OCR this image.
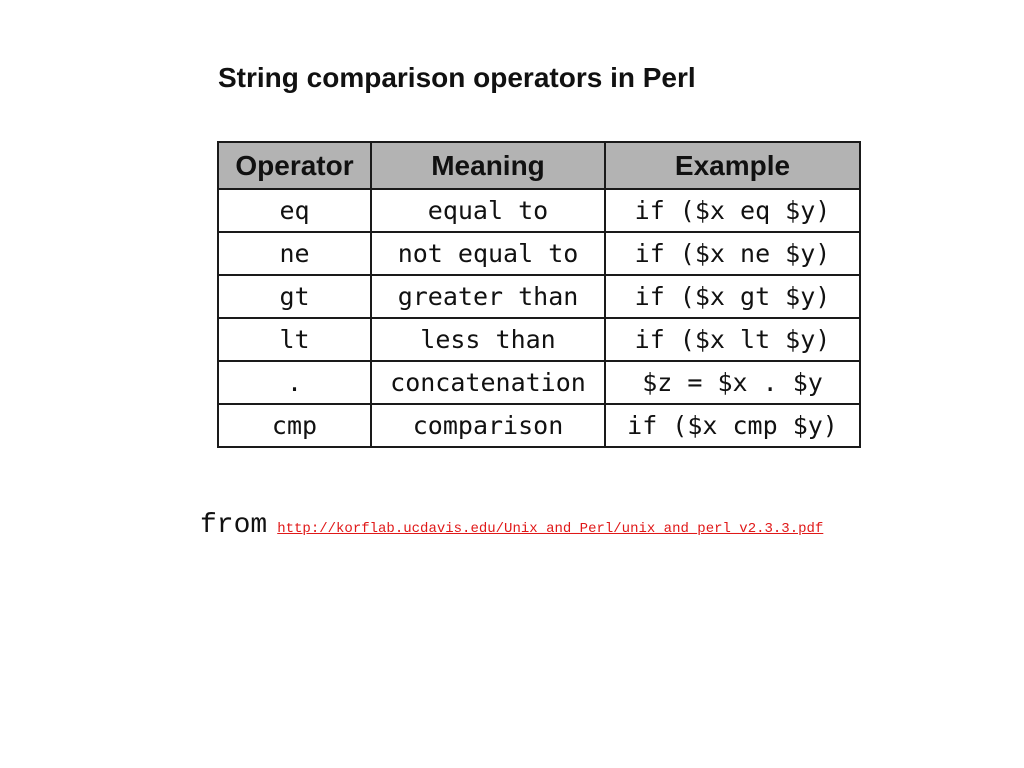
String comparison operators in Perl
Operator	Meaning	Example
eq	equal to	if ($x eq $y)
ne	not equal to	if ($x ne $y)
gt	greater than	if ($x gt $y)
lt	less than	if ($x lt $y)
.	concatenation	$z = $x . $y
cmp	comparison	if ($x cmp $y)
from http://korflab.ucdavis.edu/Unix_and_Perl/unix_and_perl_v2.3.3.pdf
